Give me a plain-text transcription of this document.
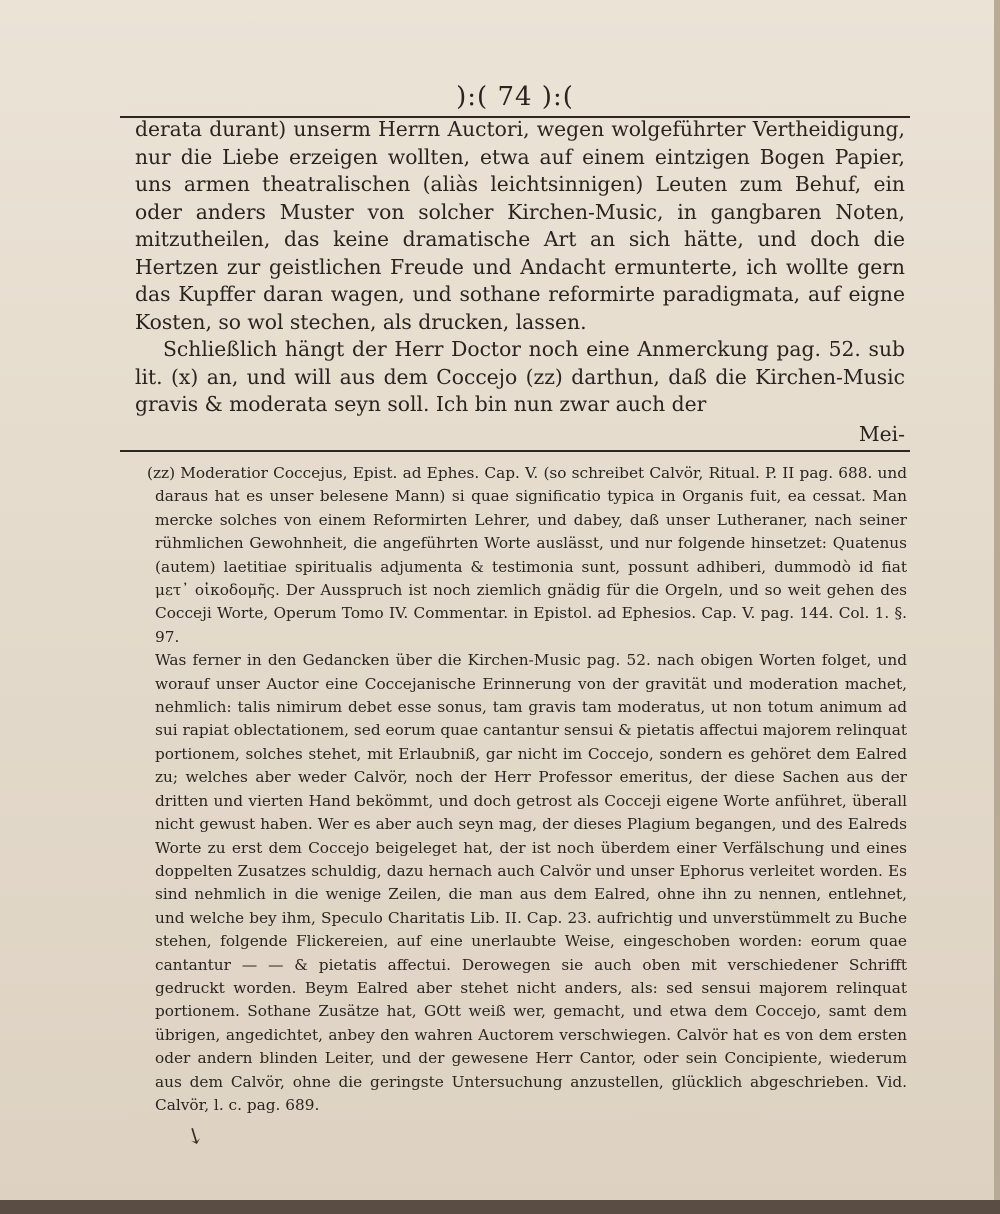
):( 74 ):(

derata durant) unserm Herrn Auctori, wegen wolgeführter Vertheidigung, nur die Liebe erzeigen wollten, etwa auf einem eintzigen Bogen Papier, uns armen theatralischen (aliàs leichtsinnigen) Leuten zum Behuf, ein oder anders Muster von solcher Kirchen-Music, in gangbaren Noten, mitzutheilen, das keine dramatische Art an sich hätte, und doch die Hertzen zur geistlichen Freude und Andacht ermunterte, ich wollte gern das Kupffer daran wagen, und sothane reformirte paradigmata, auf eigne Kosten, so wol stechen, als drucken, lassen.

Schließlich hängt der Herr Doctor noch eine Anmerckung pag. 52. sub lit. (x) an, und will aus dem Coccejo (zz) darthun, daß die Kirchen-Music gravis & moderata seyn soll. Ich bin nun zwar auch der

Mei-

(zz) Moderatior Coccejus, Epist. ad Ephes. Cap. V. (so schreibet Calvör, Ritual. P. II pag. 688. und daraus hat es unser belesene Mann) si quae significatio typica in Organis fuit, ea cessat. Man mercke solches von einem Reformirten Lehrer, und dabey, daß unser Lutheraner, nach seiner rühmlichen Gewohnheit, die angeführten Worte auslässt, und nur folgende hinsetzet: Quatenus (autem) laetitiae spiritualis adjumenta & testimonia sunt, possunt adhiberi, dummodò id fiat μετ᾽ οἰκοδομῆς. Der Ausspruch ist noch ziemlich gnädig für die Orgeln, und so weit gehen des Cocceji Worte, Operum Tomo IV. Commentar. in Epistol. ad Ephesios. Cap. V. pag. 144. Col. 1. §. 97.

Was ferner in den Gedancken über die Kirchen-Music pag. 52. nach obigen Worten folget, und worauf unser Auctor eine Coccejanische Erinnerung von der gravität und moderation machet, nehmlich: talis nimirum debet esse sonus, tam gravis tam moderatus, ut non totum animum ad sui rapiat oblectationem, sed eorum quae cantantur sensui & pietatis affectui majorem relinquat portionem, solches stehet, mit Erlaubniß, gar nicht im Coccejo, sondern es gehöret dem Ealred zu; welches aber weder Calvör, noch der Herr Professor emeritus, der diese Sachen aus der dritten und vierten Hand bekömmt, und doch getrost als Cocceji eigene Worte anführet, überall nicht gewust haben. Wer es aber auch seyn mag, der dieses Plagium begangen, und des Ealreds Worte zu erst dem Coccejo beigeleget hat, der ist noch überdem einer Verfälschung und eines doppelten Zusatzes schuldig, dazu hernach auch Calvör und unser Ephorus verleitet worden. Es sind nehmlich in die wenige Zeilen, die man aus dem Ealred, ohne ihn zu nennen, entlehnet, und welche bey ihm, Speculo Charitatis Lib. II. Cap. 23. aufrichtig und unverstümmelt zu Buche stehen, folgende Flickereien, auf eine unerlaubte Weise, eingeschoben worden: eorum quae cantantur — — & pietatis affectui. Derowegen sie auch oben mit verschiedener Schrifft gedruckt worden. Beym Ealred aber stehet nicht anders, als: sed sensui majorem relinquat portionem. Sothane Zusätze hat, GOtt weiß wer, gemacht, und etwa dem Coccejo, samt dem übrigen, angedichtet, anbey den wahren Auctorem verschwiegen. Calvör hat es von dem ersten oder andern blinden Leiter, und der gewesene Herr Cantor, oder sein Concipiente, wiederum aus dem Calvör, ohne die geringste Untersuchung anzustellen, glücklich abgeschrieben. Vid. Calvör, l. c. pag. 689.

↘
